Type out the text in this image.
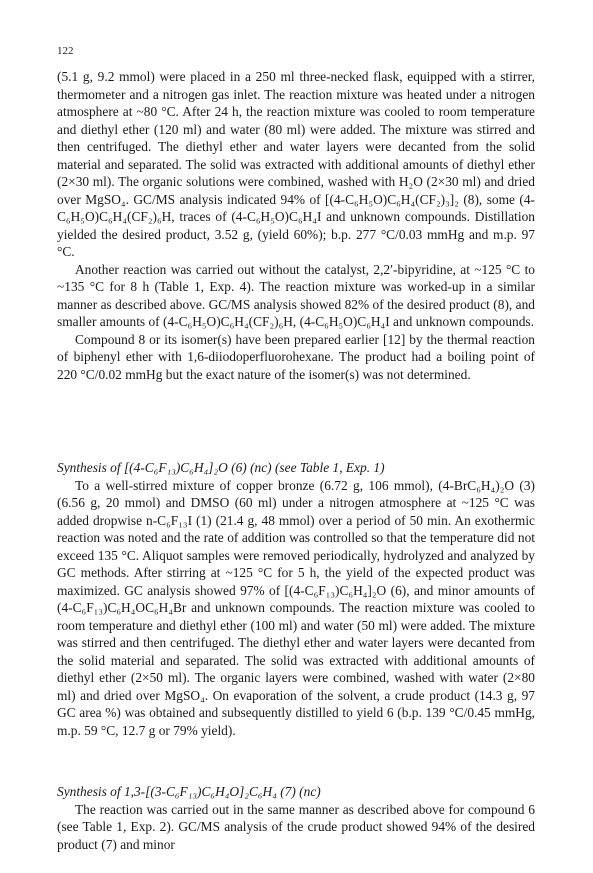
122

(5.1 g, 9.2 mmol) were placed in a 250 ml three-necked flask, equipped with a stirrer, thermometer and a nitrogen gas inlet. The reaction mixture was heated under a nitrogen atmosphere at ~80 °C. After 24 h, the reaction mixture was cooled to room temperature and diethyl ether (120 ml) and water (80 ml) were added. The mixture was stirred and then centrifuged. The diethyl ether and water layers were decanted from the solid material and separated. The solid was extracted with additional amounts of diethyl ether (2×30 ml). The organic solutions were combined, washed with H₂O (2×30 ml) and dried over MgSO₄. GC/MS analysis indicated 94% of [(4-C₆H₅O)C₆H₄(CF₂)₃]₂ (8), some (4-C₆H₅O)C₆H₄(CF₂)₆H, traces of (4-C₆H₅O)C₆H₄I and unknown compounds. Distillation yielded the desired product, 3.52 g, (yield 60%); b.p. 277 °C/0.03 mmHg and m.p. 97 °C.

Another reaction was carried out without the catalyst, 2,2′-bipyridine, at ~125 °C to ~135 °C for 8 h (Table 1, Exp. 4). The reaction mixture was worked-up in a similar manner as described above. GC/MS analysis showed 82% of the desired product (8), and smaller amounts of (4-C₆H₅O)C₆H₄(CF₂)₆H, (4-C₆H₅O)C₆H₄I and unknown compounds.

Compound 8 or its isomer(s) have been prepared earlier [12] by the thermal reaction of biphenyl ether with 1,6-diiodoperfluorohexane. The product had a boiling point of 220 °C/0.02 mmHg but the exact nature of the isomer(s) was not determined.

Synthesis of [(4-C₆F₁₃)C₆H₄]₂O (6) (nc) (see Table 1, Exp. 1)

To a well-stirred mixture of copper bronze (6.72 g, 106 mmol), (4-BrC₆H₄)₂O (3) (6.56 g, 20 mmol) and DMSO (60 ml) under a nitrogen atmosphere at ~125 °C was added dropwise n-C₆F₁₃I (1) (21.4 g, 48 mmol) over a period of 50 min. An exothermic reaction was noted and the rate of addition was controlled so that the temperature did not exceed 135 °C. Aliquot samples were removed periodically, hydrolyzed and analyzed by GC methods. After stirring at ~125 °C for 5 h, the yield of the expected product was maximized. GC analysis showed 97% of [(4-C₆F₁₃)C₆H₄]₂O (6), and minor amounts of (4-C₆F₁₃)C₆H₄OC₆H₄Br and unknown compounds. The reaction mixture was cooled to room temperature and diethyl ether (100 ml) and water (50 ml) were added. The mixture was stirred and then centrifuged. The diethyl ether and water layers were decanted from the solid material and separated. The solid was extracted with additional amounts of diethyl ether (2×50 ml). The organic layers were combined, washed with water (2×80 ml) and dried over MgSO₄. On evaporation of the solvent, a crude product (14.3 g, 97 GC area %) was obtained and subsequently distilled to yield 6 (b.p. 139 °C/0.45 mmHg, m.p. 59 °C, 12.7 g or 79% yield).

Synthesis of 1,3-[(3-C₆F₁₃)C₆H₄O]₂C₆H₄ (7) (nc)

The reaction was carried out in the same manner as described above for compound 6 (see Table 1, Exp. 2). GC/MS analysis of the crude product showed 94% of the desired product (7) and minor
